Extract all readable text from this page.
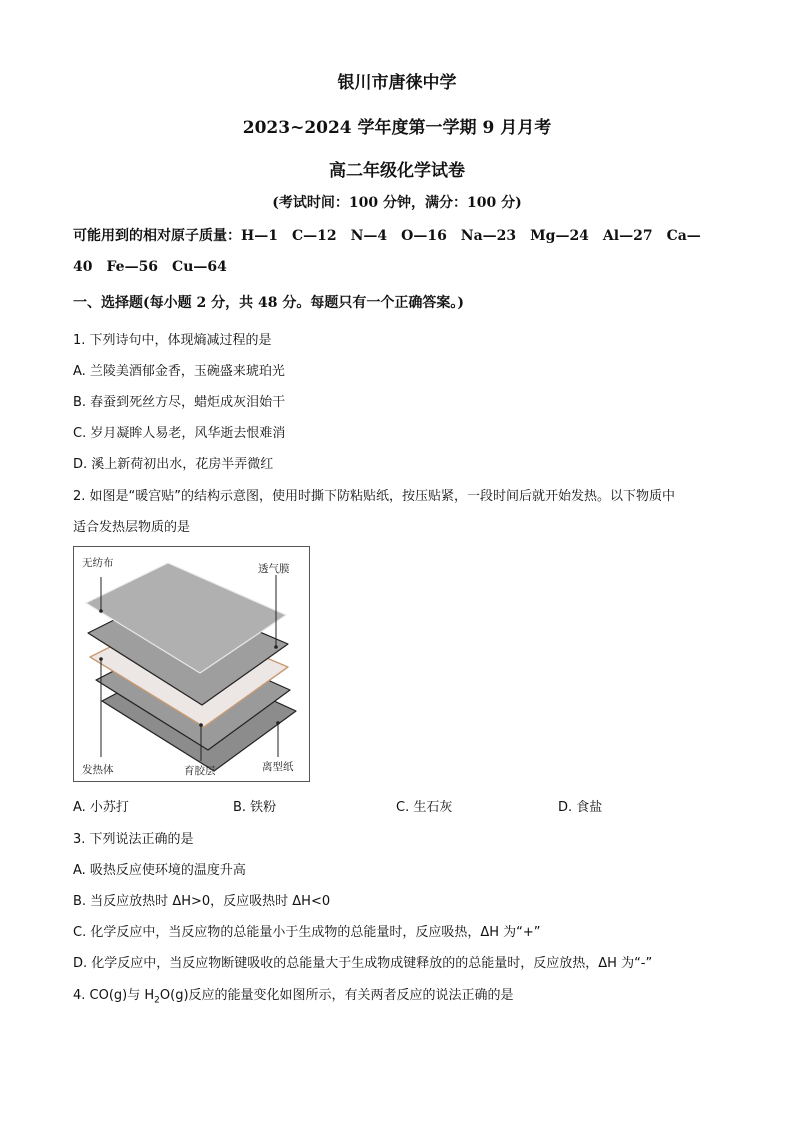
银川市唐徕中学
2023~2024 学年度第一学期 9 月月考
高二年级化学试卷
(考试时间：100 分钟，满分：100 分)
可能用到的相对原子质量：H—1　C—12　N—4　O—16　Na—23　Mg—24　Al—27　Ca—
40　Fe—56　Cu—64
一、选择题(每小题 2 分，共 48 分。每题只有一个正确答案。)
1. 下列诗句中，体现熵减过程的是
A. 兰陵美酒郁金香，玉碗盛来琥珀光
B. 春蚕到死丝方尽，蜡炬成灰泪始干
C. 岁月凝眸人易老，风华逝去恨难消
D. 溪上新荷初出水，花房半弄微红
2. 如图是“暖宫贴”的结构示意图，使用时撕下防粘贴纸，按压贴紧，一段时间后就开始发热。以下物质中
适合发热层物质的是
无纺布	透气膜
发热体	育胶层	离型纸
A. 小苏打	B. 铁粉	C. 生石灰	D. 食盐
3. 下列说法正确的是
A. 吸热反应使环境的温度升高
B. 当反应放热时 ΔH>0，反应吸热时 ΔH<0
C. 化学反应中，当反应物的总能量小于生成物的总能量时，反应吸热，ΔH 为“+”
D. 化学反应中，当反应物断键吸收的总能量大于生成物成键释放的的总能量时，反应放热，ΔH 为“-”
4. CO(g)与 $H_2O(g)$反应的能量变化如图所示，有关两者反应的说法正确的是
